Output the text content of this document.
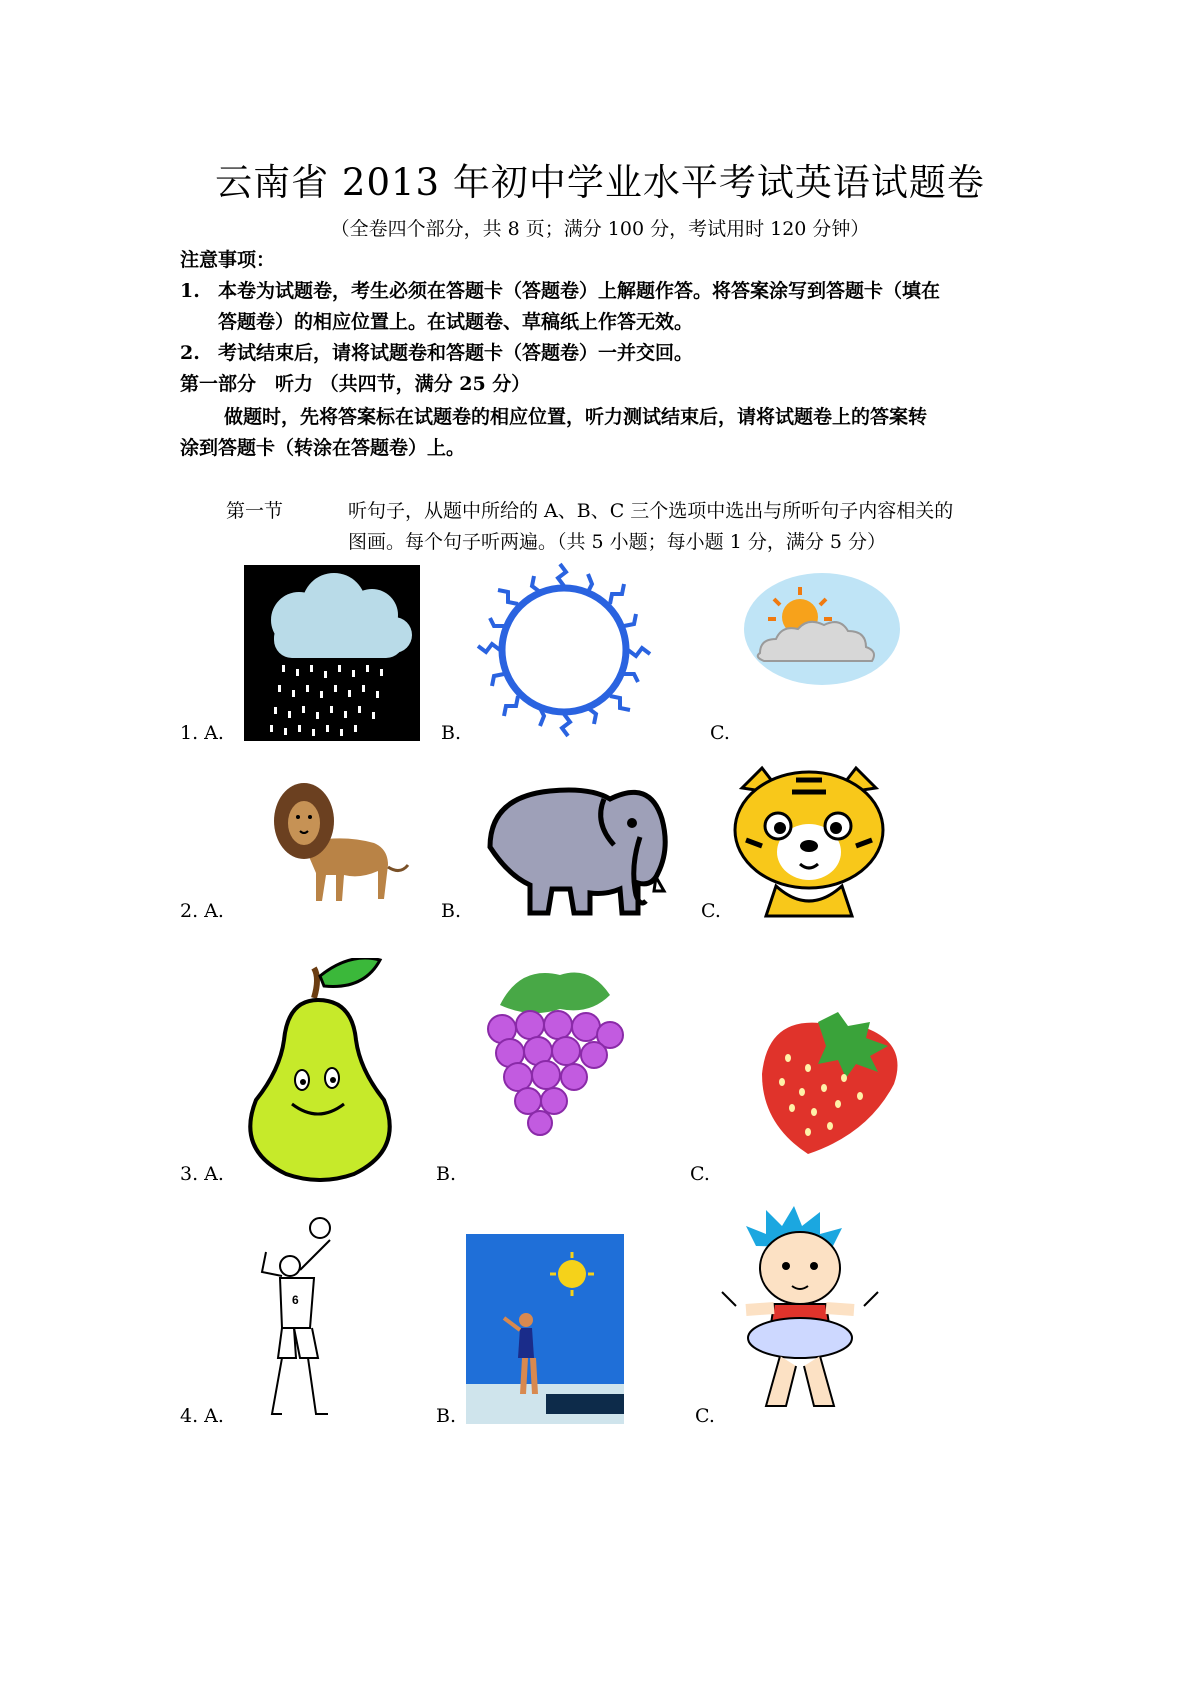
云南省 2013 年初中学业水平考试英语试题卷
（全卷四个部分，共 8 页；满分 100 分，考试用时 120 分钟）
注意事项：
1. 本卷为试题卷，考生必须在答题卡（答题卷）上解题作答。将答案涂写到答题卡（填在
答题卷）的相应位置上。在试题卷、草稿纸上作答无效。
2. 考试结束后，请将试题卷和答题卡（答题卷）一并交回。
第一部分　听力 （共四节，满分 25 分）
做题时，先将答案标在试题卷的相应位置，听力测试结束后，请将试题卷上的答案转
涂到答题卡（转涂在答题卷）上。
第一节	听句子，从题中所给的 A、B、C 三个选项中选出与所听句子内容相关的
图画。每个句子听两遍。（共 5 小题；每小题 1 分，满分 5 分）
1. A.	B.	C.
2. A.	B.	C.
3. A.	B.	C.
4. A.	B.	C.
6
